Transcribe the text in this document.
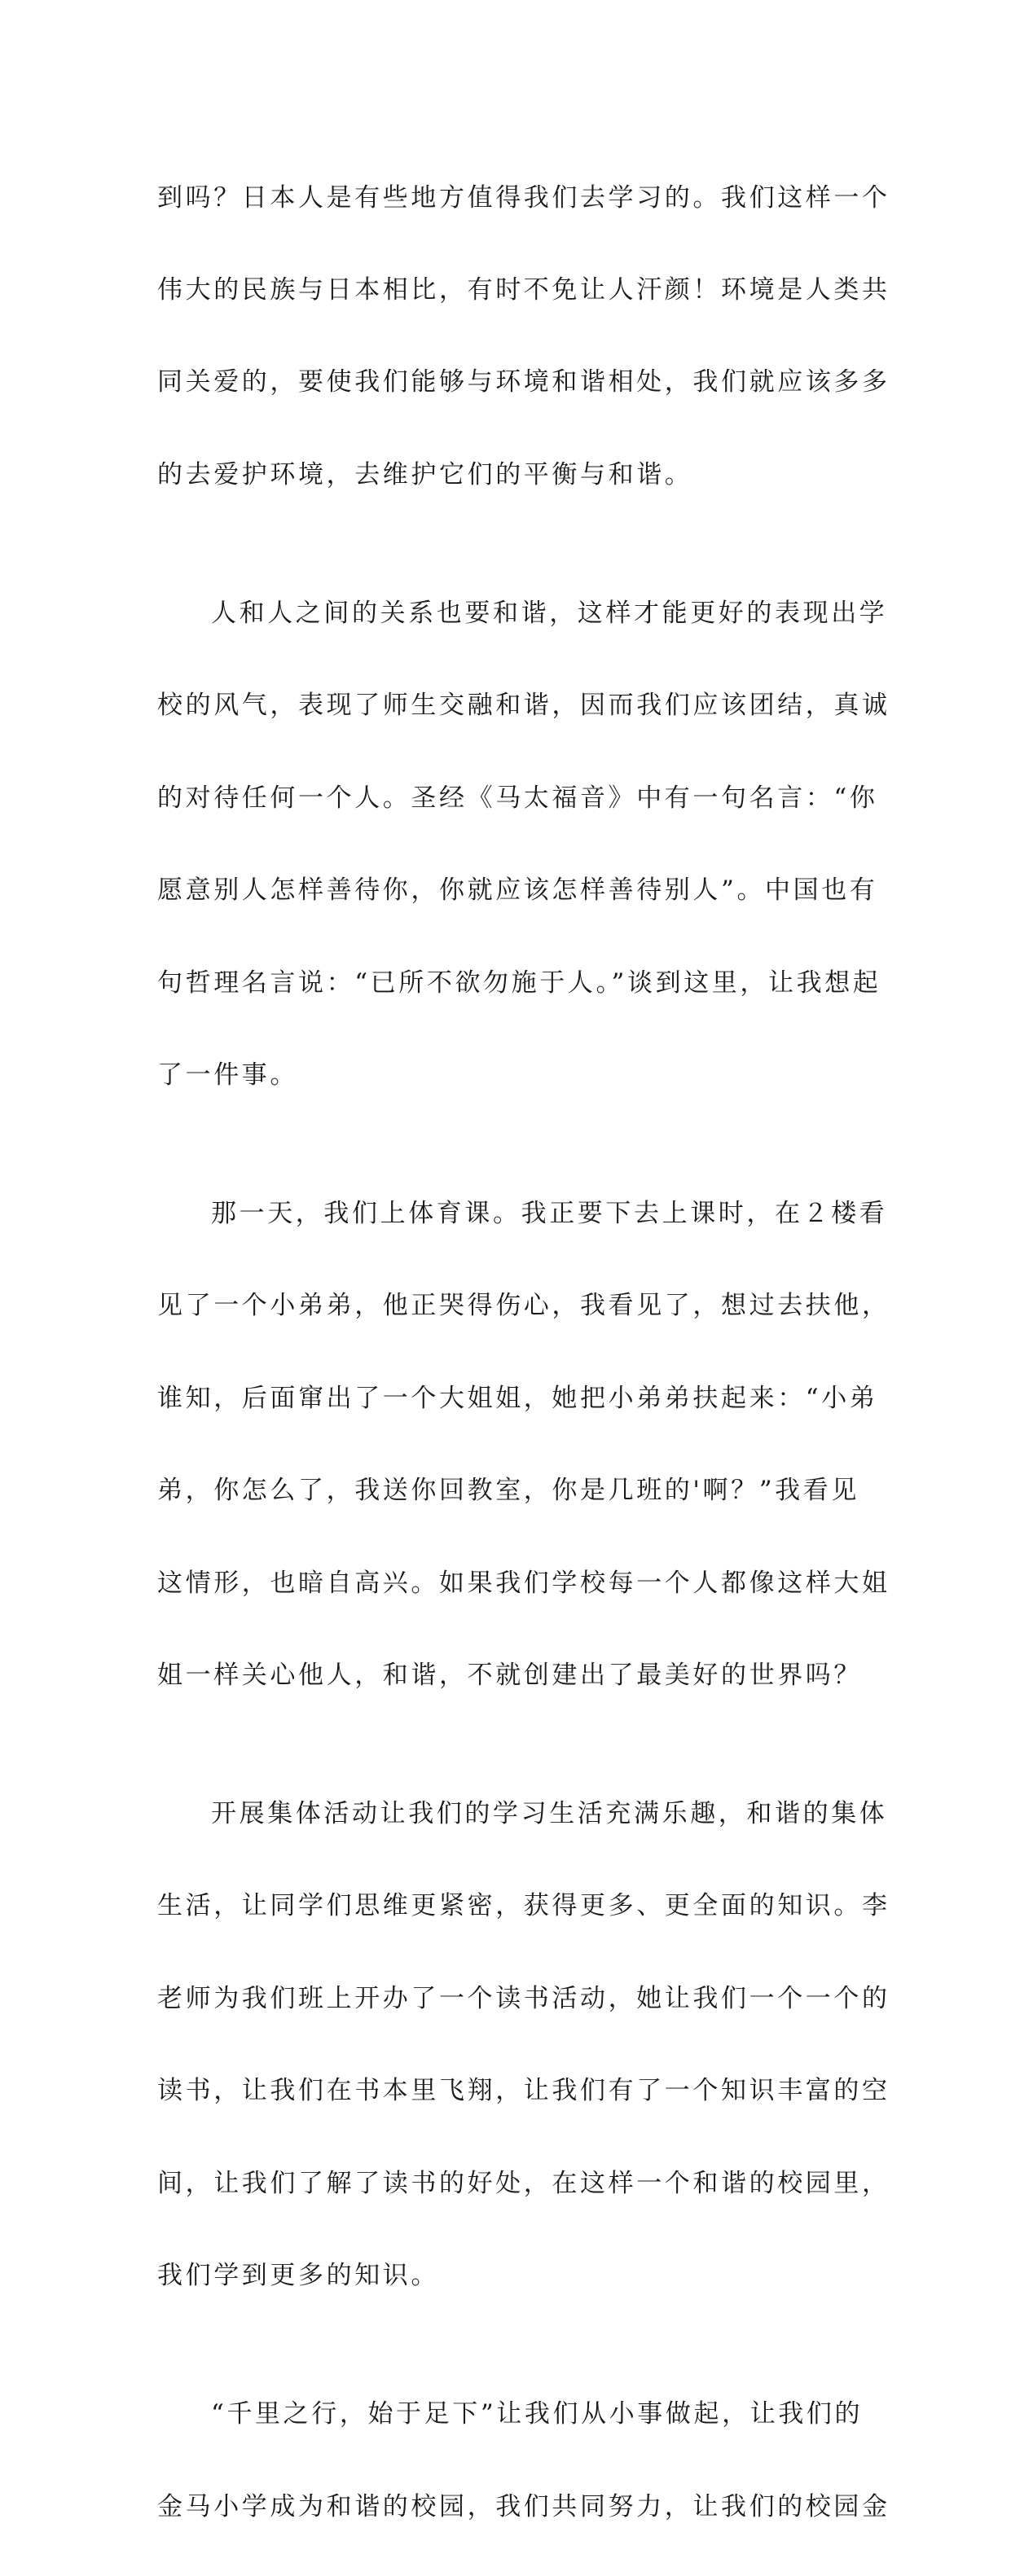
到吗？日本人是有些地方值得我们去学习的。我们这样一个

伟大的民族与日本相比，有时不免让人汗颜！环境是人类共

同关爱的，要使我们能够与环境和谐相处，我们就应该多多

的去爱护环境，去维护它们的平衡与和谐。

人和人之间的关系也要和谐，这样才能更好的表现出学

校的风气，表现了师生交融和谐，因而我们应该团结，真诚

的对待任何一个人。圣经《马太福音》中有一句名言：“你

愿意别人怎样善待你，你就应该怎样善待别人”。中国也有

句哲理名言说：“已所不欲勿施于人。”谈到这里，让我想起

了一件事。

那一天，我们上体育课。我正要下去上课时，在２楼看

见了一个小弟弟，他正哭得伤心，我看见了，想过去扶他，

谁知，后面窜出了一个大姐姐，她把小弟弟扶起来：“小弟

弟，你怎么了，我送你回教室，你是几班的'啊？”我看见

这情形，也暗自高兴。如果我们学校每一个人都像这样大姐

姐一样关心他人，和谐，不就创建出了最美好的世界吗？

开展集体活动让我们的学习生活充满乐趣，和谐的集体

生活，让同学们思维更紧密，获得更多、更全面的知识。李

老师为我们班上开办了一个读书活动，她让我们一个一个的

读书，让我们在书本里飞翔，让我们有了一个知识丰富的空

间，让我们了解了读书的好处，在这样一个和谐的校园里，

我们学到更多的知识。

“千里之行，始于足下”让我们从小事做起，让我们的

金马小学成为和谐的校园，我们共同努力，让我们的校园金
